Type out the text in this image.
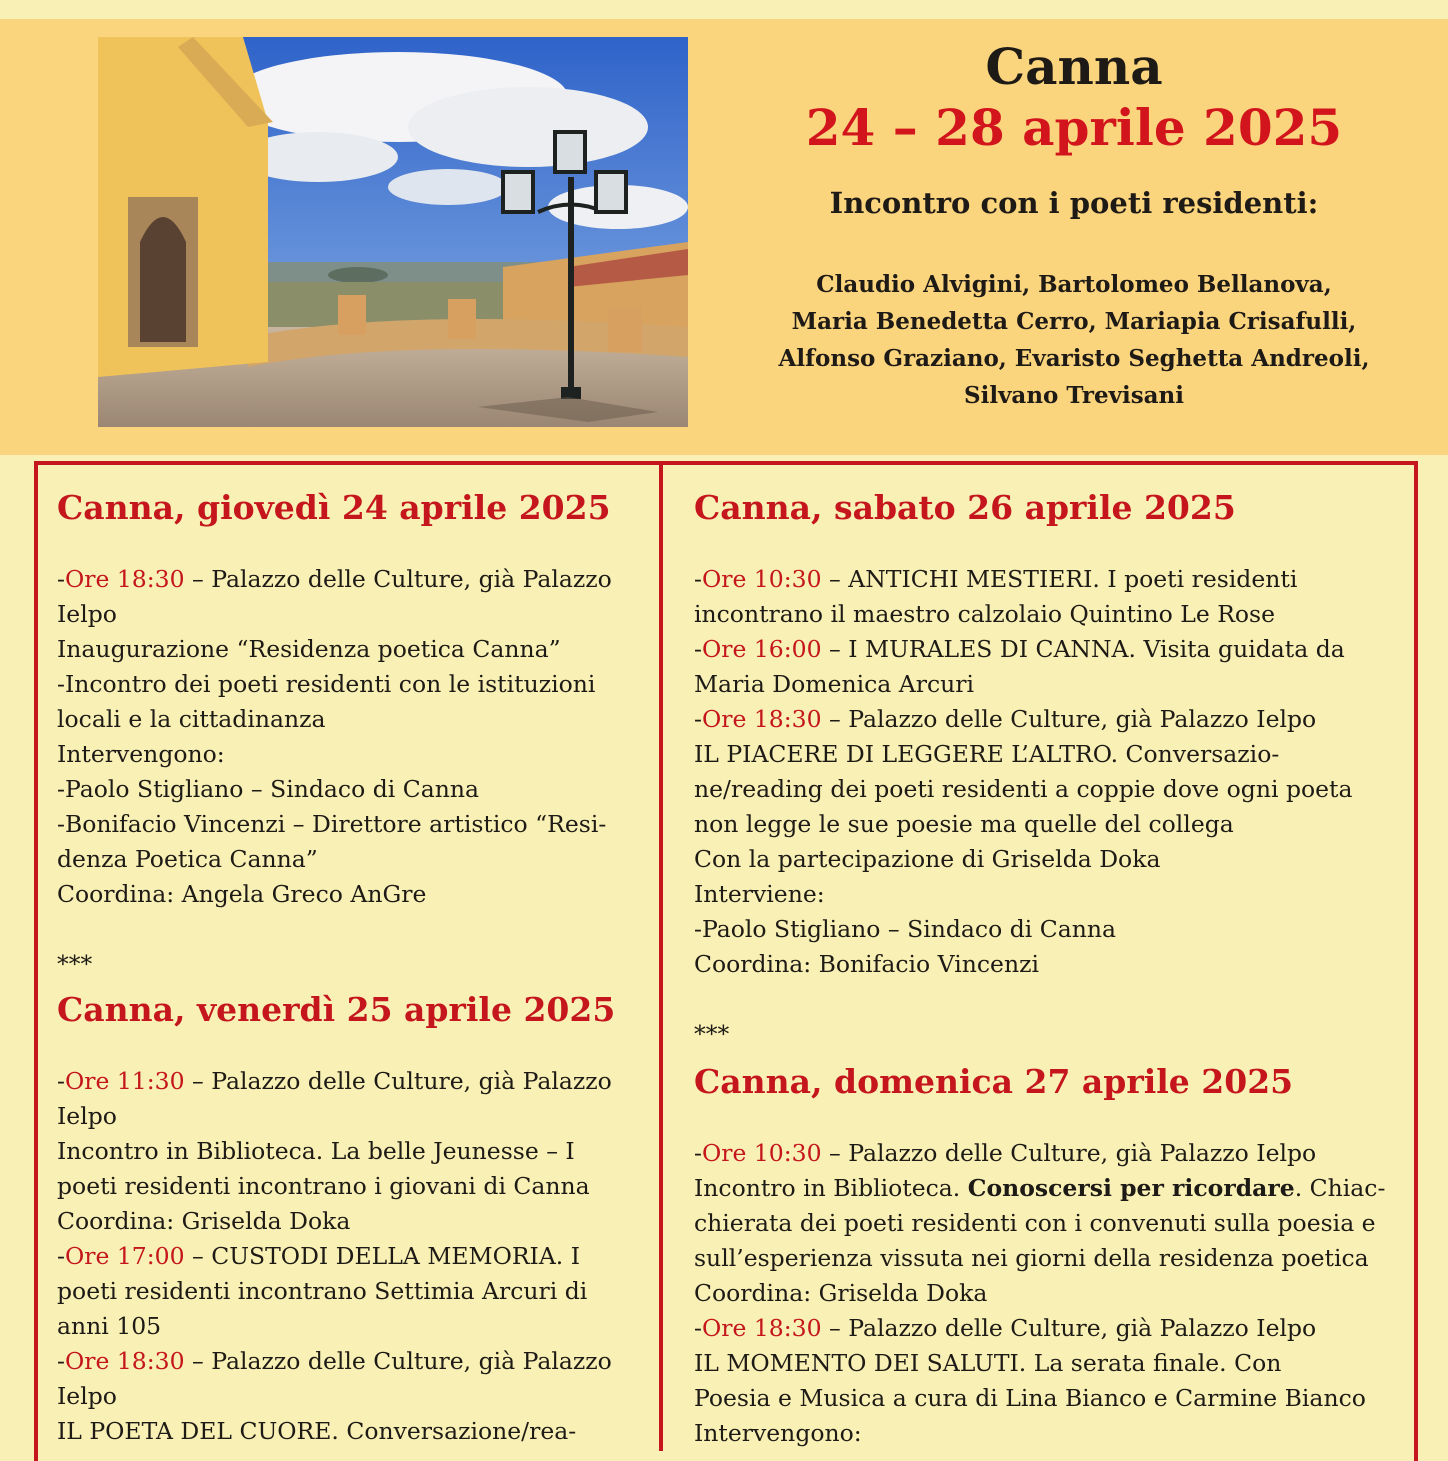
Canna
24 – 28 aprile 2025
Incontro con i poeti residenti:
Claudio Alvigini, Bartolomeo Bellanova,
Maria Benedetta Cerro, Mariapia Crisafulli,
Alfonso Graziano, Evaristo Seghetta Andreoli,
Silvano Trevisani
Canna, giovedì 24 aprile 2025
-Ore 18:30 – Palazzo delle Culture, già Palazzo
Ielpo
Inaugurazione “Residenza poetica Canna”
-Incontro dei poeti residenti con le istituzioni
locali e la cittadinanza
Intervengono:
-Paolo Stigliano – Sindaco di Canna
-Bonifacio Vincenzi – Direttore artistico “Resi-
denza Poetica Canna”
Coordina: Angela Greco AnGre
***
Canna, venerdì 25 aprile 2025
-Ore 11:30 – Palazzo delle Culture, già Palazzo
Ielpo
Incontro in Biblioteca. La belle Jeunesse – I
poeti residenti incontrano i giovani di Canna
Coordina: Griselda Doka
-Ore 17:00 – CUSTODI DELLA MEMORIA. I
poeti residenti incontrano Settimia Arcuri di
anni 105
-Ore 18:30 – Palazzo delle Culture, già Palazzo
Ielpo
IL POETA DEL CUORE. Conversazione/rea-
Canna, sabato 26 aprile 2025
-Ore 10:30 – ANTICHI MESTIERI. I poeti residenti
incontrano il maestro calzolaio Quintino Le Rose
-Ore 16:00 – I MURALES DI CANNA. Visita guidata da
Maria Domenica Arcuri
-Ore 18:30 – Palazzo delle Culture, già Palazzo Ielpo
IL PIACERE DI LEGGERE L’ALTRO. Conversazio-
ne/reading dei poeti residenti a coppie dove ogni poeta
non legge le sue poesie ma quelle del collega
Con la partecipazione di Griselda Doka
Interviene:
-Paolo Stigliano – Sindaco di Canna
Coordina: Bonifacio Vincenzi
***
Canna, domenica 27 aprile 2025
-Ore 10:30 – Palazzo delle Culture, già Palazzo Ielpo
Incontro in Biblioteca. Conoscersi per ricordare. Chiac-
chierata dei poeti residenti con i convenuti sulla poesia e
sull’esperienza vissuta nei giorni della residenza poetica
Coordina: Griselda Doka
-Ore 18:30 – Palazzo delle Culture, già Palazzo Ielpo
IL MOMENTO DEI SALUTI. La serata finale. Con
Poesia e Musica a cura di Lina Bianco e Carmine Bianco
Intervengono:
